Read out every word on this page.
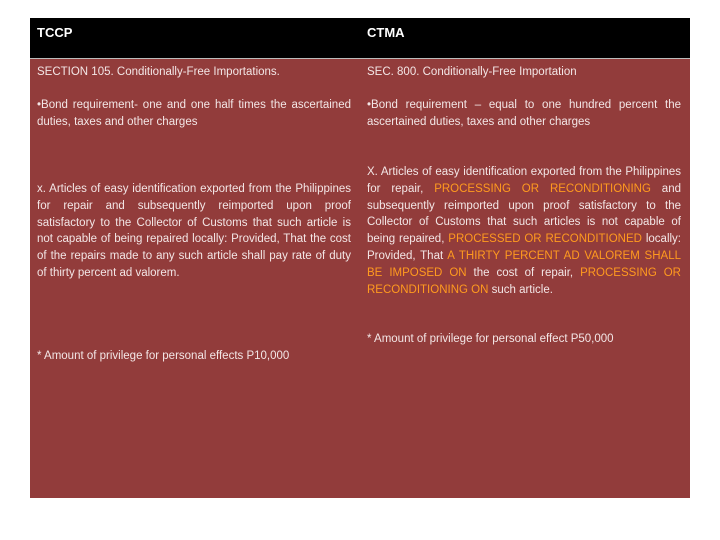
TCCP	CTMA
SECTION 105. Conditionally-Free Importations.	SEC. 800. Conditionally-Free Importation
•Bond requirement- one and one half times the ascertained duties, taxes and other charges
•Bond requirement – equal to one hundred percent the ascertained duties, taxes and other charges
x. Articles of easy identification exported from the Philippines for repair and subsequently reimported upon proof satisfactory to the Collector of Customs that such article is not capable of being repaired locally: Provided, That the cost of the repairs made to any such article shall pay rate of duty of thirty percent ad valorem.
X. Articles of easy identification exported from the Philippines for repair, PROCESSING OR RECONDITIONING and subsequently reimported upon proof satisfactory to the Collector of Customs that such articles is not capable of being repaired, PROCESSED OR RECONDITIONED locally: Provided, That A THIRTY PERCENT AD VALOREM SHALL BE IMPOSED ON the cost of repair, PROCESSING OR RECONDITIONING ON such article.
* Amount of privilege for personal effects P10,000
* Amount of privilege for personal effect P50,000
